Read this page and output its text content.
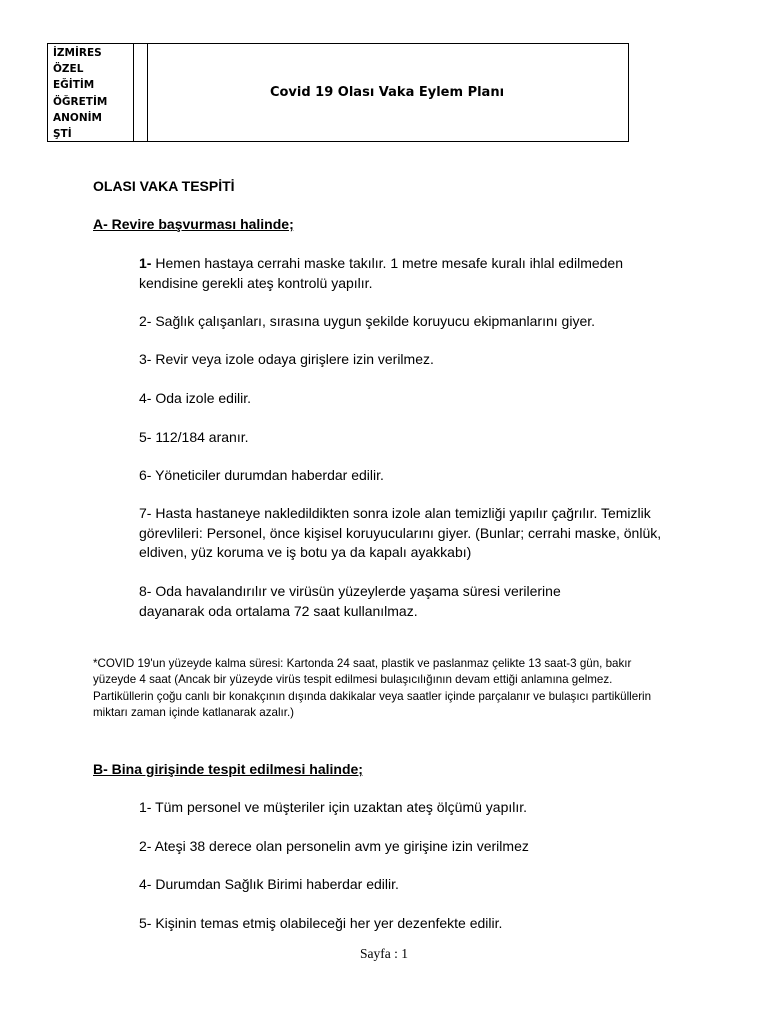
İZMİRES
ÖZEL
EĞİTİM
ÖĞRETİM
ANONİM
ŞTİ
Covid 19 Olası Vaka Eylem Planı
OLASI VAKA TESPİTİ
A- Revire başvurması halinde;
1- Hemen hastaya cerrahi maske takılır. 1 metre mesafe kuralı ihlal edilmeden kendisine gerekli ateş kontrolü yapılır.
2- Sağlık çalışanları, sırasına uygun şekilde koruyucu ekipmanlarını giyer.
3- Revir veya izole odaya girişlere izin verilmez.
4- Oda izole edilir.
5- 112/184 aranır.
6- Yöneticiler durumdan haberdar edilir.
7- Hasta hastaneye nakledildikten sonra izole alan temizliği yapılır çağrılır. Temizlik görevlileri: Personel, önce kişisel koruyucularını giyer. (Bunlar; cerrahi maske, önlük, eldiven, yüz koruma ve iş botu ya da kapalı ayakkabı)
8- Oda havalandırılır ve virüsün yüzeylerde yaşama süresi verilerine dayanarak oda ortalama 72 saat kullanılmaz.
*COVID 19'un yüzeyde kalma süresi: Kartonda 24 saat, plastik ve paslanmaz çelikte 13 saat-3 gün, bakır yüzeyde 4 saat (Ancak bir yüzeyde virüs tespit edilmesi bulaşıcılığının devam ettiği anlamına gelmez. Partiküllerin çoğu canlı bir konakçının dışında dakikalar veya saatler içinde parçalanır ve bulaşıcı partiküllerin miktarı zaman içinde katlanarak azalır.)
B- Bina girişinde tespit edilmesi halinde;
1- Tüm personel ve müşteriler için uzaktan ateş ölçümü yapılır.
2- Ateşi 38 derece olan personelin avm ye girişine izin verilmez
4- Durumdan Sağlık Birimi haberdar edilir.
5- Kişinin temas etmiş olabileceği her yer dezenfekte edilir.
Sayfa : 1
